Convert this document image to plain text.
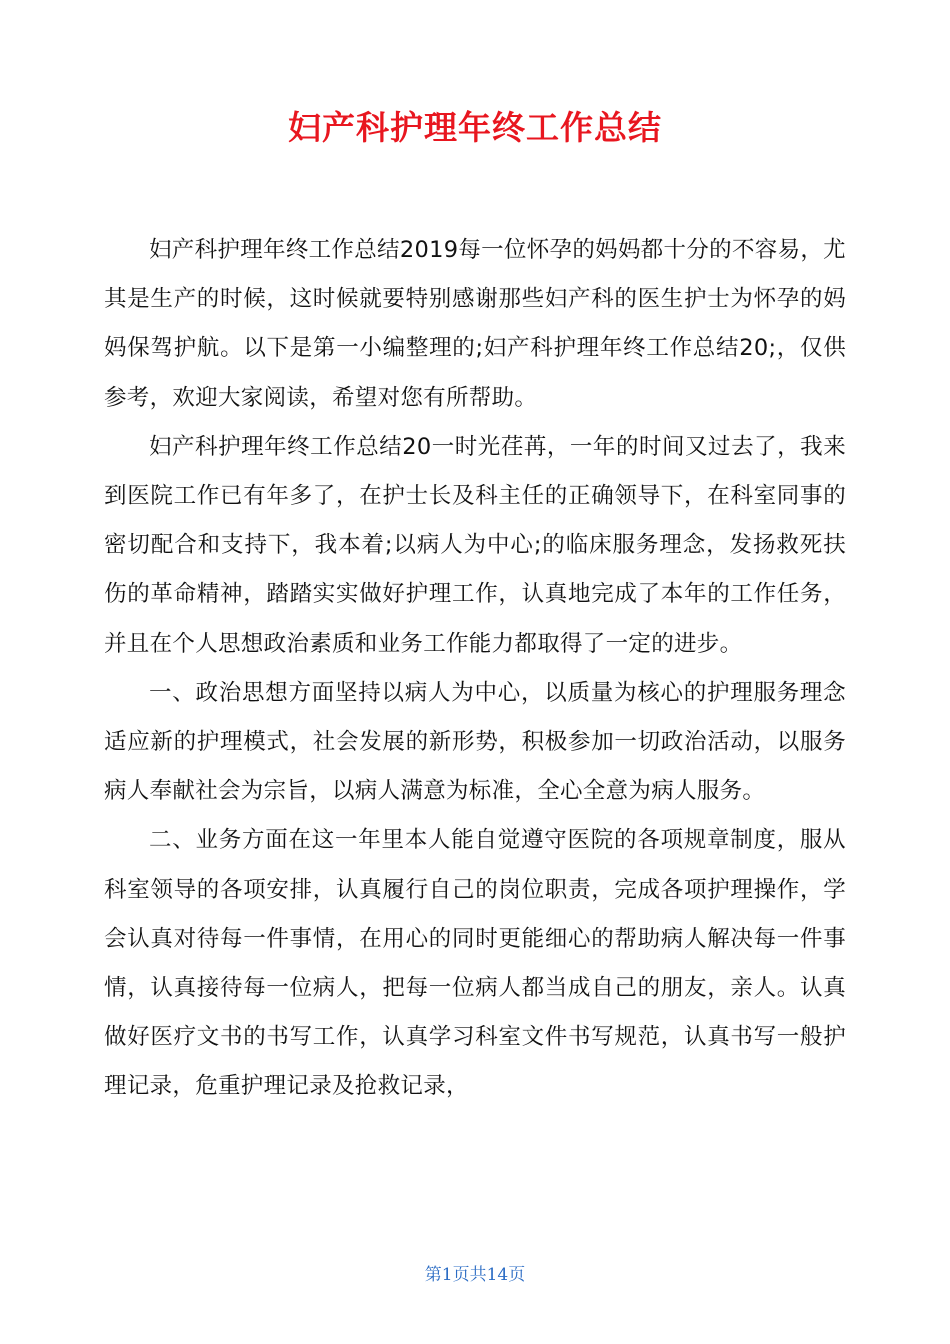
妇产科护理年终工作总结

妇产科护理年终工作总结2019每一位怀孕的妈妈都十分的不容易，尤其是生产的时候，这时候就要特别感谢那些妇产科的医生护士为怀孕的妈妈保驾护航。以下是第一小编整理的;妇产科护理年终工作总结20;，仅供参考，欢迎大家阅读，希望对您有所帮助。

妇产科护理年终工作总结20一时光荏苒，一年的时间又过去了，我来到医院工作已有年多了，在护士长及科主任的正确领导下，在科室同事的密切配合和支持下，我本着;以病人为中心;的临床服务理念，发扬救死扶伤的革命精神，踏踏实实做好护理工作，认真地完成了本年的工作任务，并且在个人思想政治素质和业务工作能力都取得了一定的进步。

一、政治思想方面坚持以病人为中心，以质量为核心的护理服务理念适应新的护理模式，社会发展的新形势，积极参加一切政治活动，以服务病人奉献社会为宗旨，以病人满意为标准，全心全意为病人服务。

二、业务方面在这一年里本人能自觉遵守医院的各项规章制度，服从科室领导的各项安排，认真履行自己的岗位职责，完成各项护理操作，学会认真对待每一件事情，在用心的同时更能细心的帮助病人解决每一件事情，认真接待每一位病人，把每一位病人都当成自己的朋友，亲人。认真做好医疗文书的书写工作，认真学习科室文件书写规范，认真书写一般护理记录，危重护理记录及抢救记录，

第1页共14页
